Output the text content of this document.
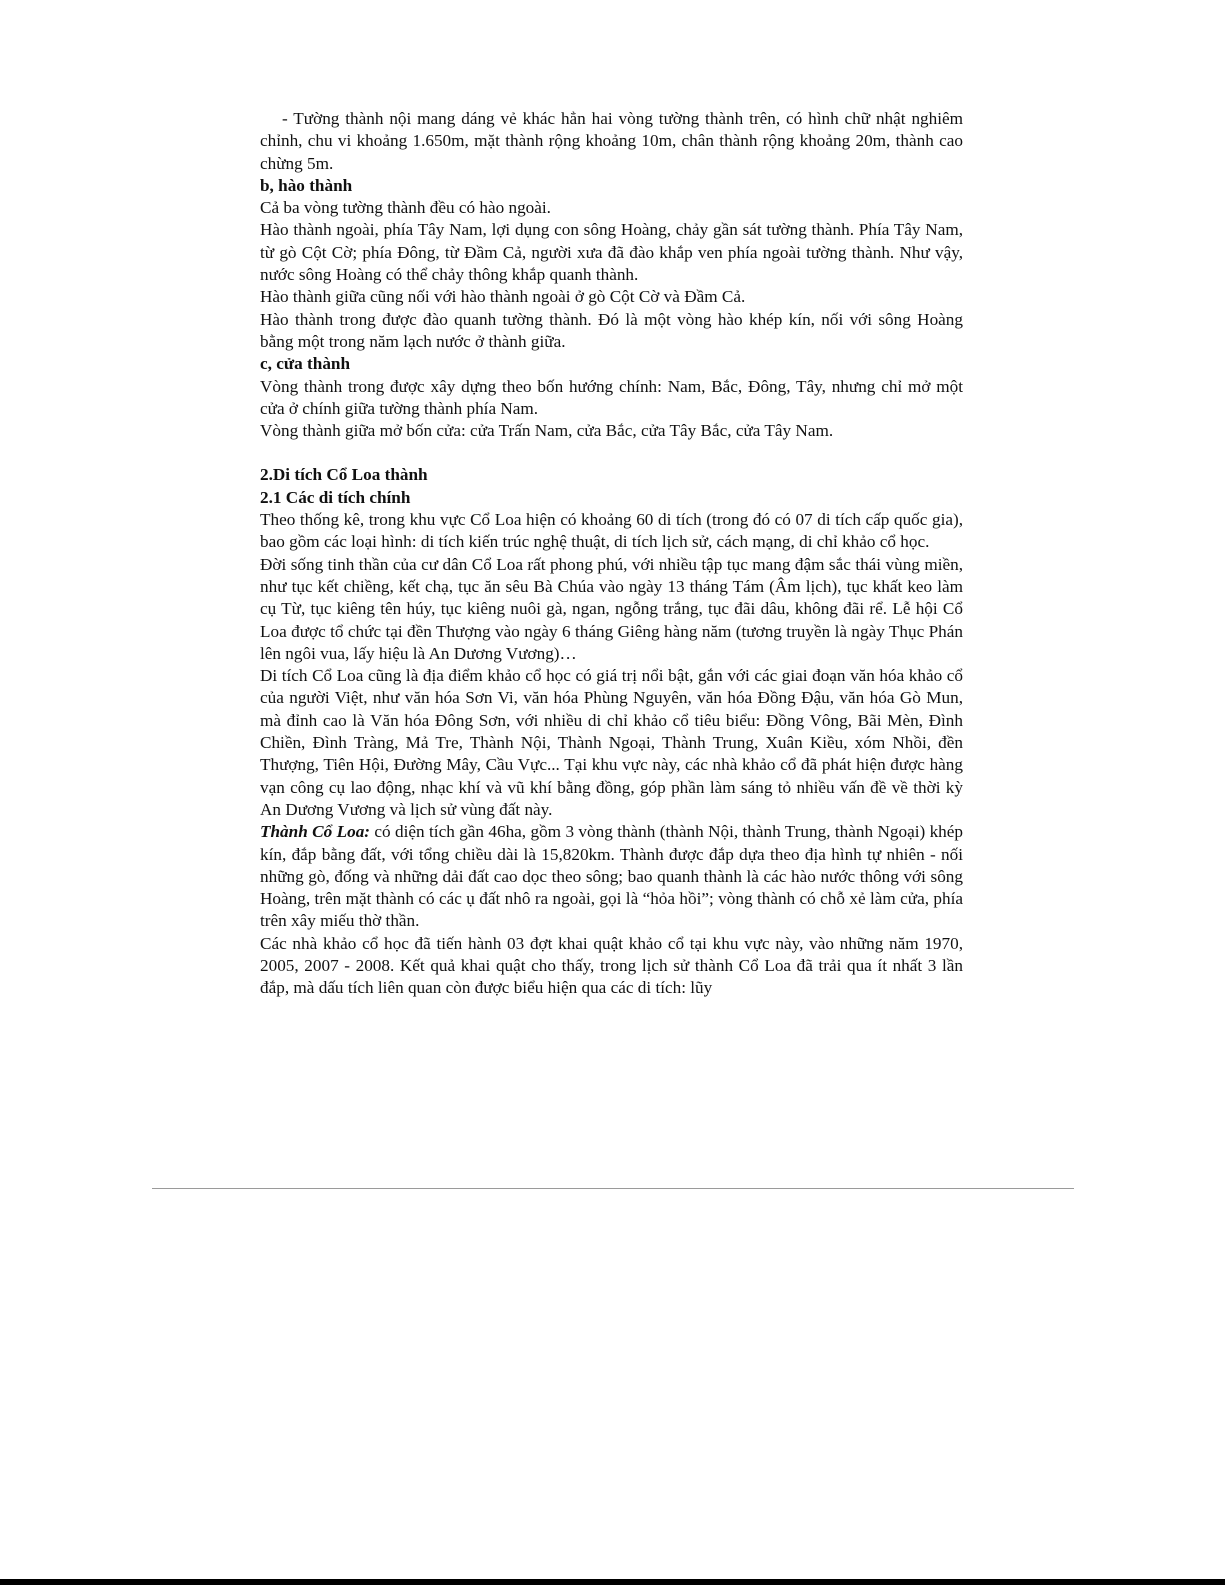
- Tường thành nội mang dáng vẻ khác hẳn hai vòng tường thành trên, có hình chữ nhật nghiêm chỉnh, chu vi khoảng 1.650m, mặt thành rộng khoảng 10m, chân thành rộng khoảng 20m, thành cao chừng 5m.

b, hào thành

Cả ba vòng tường thành đều có hào ngoài.

Hào thành ngoài, phía Tây Nam, lợi dụng con sông Hoàng, chảy gần sát tường thành. Phía Tây Nam, từ gò Cột Cờ; phía Đông, từ Đầm Cả, người xưa đã đào khắp ven phía ngoài tường thành. Như vậy, nước sông Hoàng có thể chảy thông khắp quanh thành.

Hào thành giữa cũng nối với hào thành ngoài ở gò Cột Cờ và Đầm Cả.

Hào thành trong được đào quanh tường thành. Đó là một vòng hào khép kín, nối với sông Hoàng bằng một trong năm lạch nước ở thành giữa.

c, cửa thành

Vòng thành trong được xây dựng theo bốn hướng chính: Nam, Bắc, Đông, Tây, nhưng chỉ mở một cửa ở chính giữa tường thành phía Nam.

Vòng thành giữa mở bốn cửa: cửa Trấn Nam, cửa Bắc, cửa Tây Bắc, cửa Tây Nam.

2.Di tích Cổ Loa thành
2.1 Các di tích chính

Theo thống kê, trong khu vực Cổ Loa hiện có khoảng 60 di tích (trong đó có 07 di tích cấp quốc gia), bao gồm các loại hình: di tích kiến trúc nghệ thuật, di tích lịch sử, cách mạng, di chỉ khảo cổ học.

Đời sống tinh thần của cư dân Cổ Loa rất phong phú, với nhiều tập tục mang đậm sắc thái vùng miền, như tục kết chiềng, kết chạ, tục ăn sêu Bà Chúa vào ngày 13 tháng Tám (Âm lịch), tục khất keo làm cụ Từ, tục kiêng tên húy, tục kiêng nuôi gà, ngan, ngỗng trắng, tục đãi dâu, không đãi rể. Lễ hội Cổ Loa được tổ chức tại đền Thượng vào ngày 6 tháng Giêng hàng năm (tương truyền là ngày Thục Phán lên ngôi vua, lấy hiệu là An Dương Vương)…

Di tích Cổ Loa cũng là địa điểm khảo cổ học có giá trị nổi bật, gắn với các giai đoạn văn hóa khảo cổ của người Việt, như văn hóa Sơn Vi, văn hóa Phùng Nguyên, văn hóa Đồng Đậu, văn hóa Gò Mun, mà đỉnh cao là Văn hóa Đông Sơn, với nhiều di chỉ khảo cổ tiêu biểu: Đồng Vông, Bãi Mèn, Đình Chiền, Đình Tràng, Mả Tre, Thành Nội, Thành Ngoại, Thành Trung, Xuân Kiều, xóm Nhồi, đền Thượng, Tiên Hội, Đường Mây, Cầu Vực... Tại khu vực này, các nhà khảo cổ đã phát hiện được hàng vạn công cụ lao động, nhạc khí và vũ khí bằng đồng, góp phần làm sáng tỏ nhiều vấn đề về thời kỳ An Dương Vương và lịch sử vùng đất này.

Thành Cổ Loa: có diện tích gần 46ha, gồm 3 vòng thành (thành Nội, thành Trung, thành Ngoại) khép kín, đắp bằng đất, với tổng chiều dài là 15,820km. Thành được đắp dựa theo địa hình tự nhiên - nối những gò, đống và những dải đất cao dọc theo sông; bao quanh thành là các hào nước thông với sông Hoàng, trên mặt thành có các ụ đất nhô ra ngoài, gọi là “hỏa hồi”; vòng thành có chỗ xẻ làm cửa, phía trên xây miếu thờ thần.

Các nhà khảo cổ học đã tiến hành 03 đợt khai quật khảo cổ tại khu vực này, vào những năm 1970, 2005, 2007 - 2008. Kết quả khai quật cho thấy, trong lịch sử thành Cổ Loa đã trải qua ít nhất 3 lần đắp, mà dấu tích liên quan còn được biểu hiện qua các di tích: lũy
